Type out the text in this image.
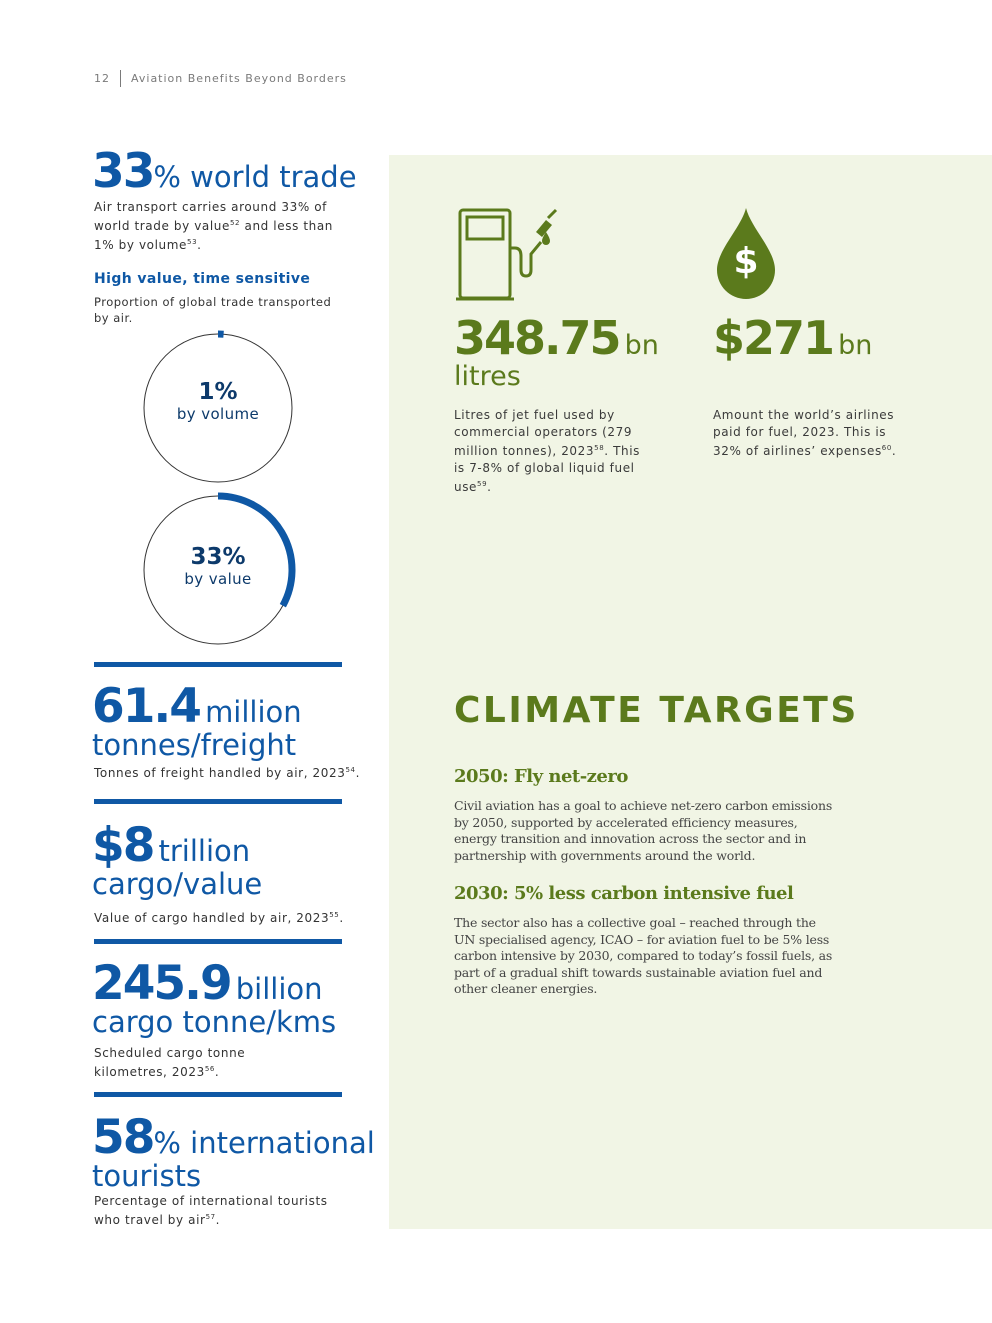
12 Aviation Benefits Beyond Borders
33% world trade
Air transport carries around 33% of world trade by value$^{52}$ and less than 1% by volume$^{53}$.
High value, time sensitive
Proportion of global trade transported by air.
1%
by volume
33%
by value
61.4 million
tonnes/freight
Tonnes of freight handled by air, 2023$^{54}$.
$8 trillion
cargo/value
Value of cargo handled by air, 2023$^{55}$.
245.9 billion
cargo tonne/kms
Scheduled cargo tonne kilometres, 2023$^{56}$.
58% international
tourists
Percentage of international tourists who travel by air$^{57}$.
$
348.75 bn
litres
Litres of jet fuel used by commercial operators (279 million tonnes), 2023$^{58}$. This is 7-8% of global liquid fuel use$^{59}$.
$271 bn
Amount the world’s airlines paid for fuel, 2023. This is 32% of airlines’ expenses$^{60}$.
CLIMATE TARGETS
2050: Fly net-zero
Civil aviation has a goal to achieve net-zero carbon emissions by 2050, supported by accelerated efficiency measures, energy transition and innovation across the sector and in partnership with governments around the world.
2030: 5% less carbon intensive fuel
The sector also has a collective goal – reached through the UN specialised agency, ICAO – for aviation fuel to be 5% less carbon intensive by 2030, compared to today’s fossil fuels, as part of a gradual shift towards sustainable aviation fuel and other cleaner energies.
